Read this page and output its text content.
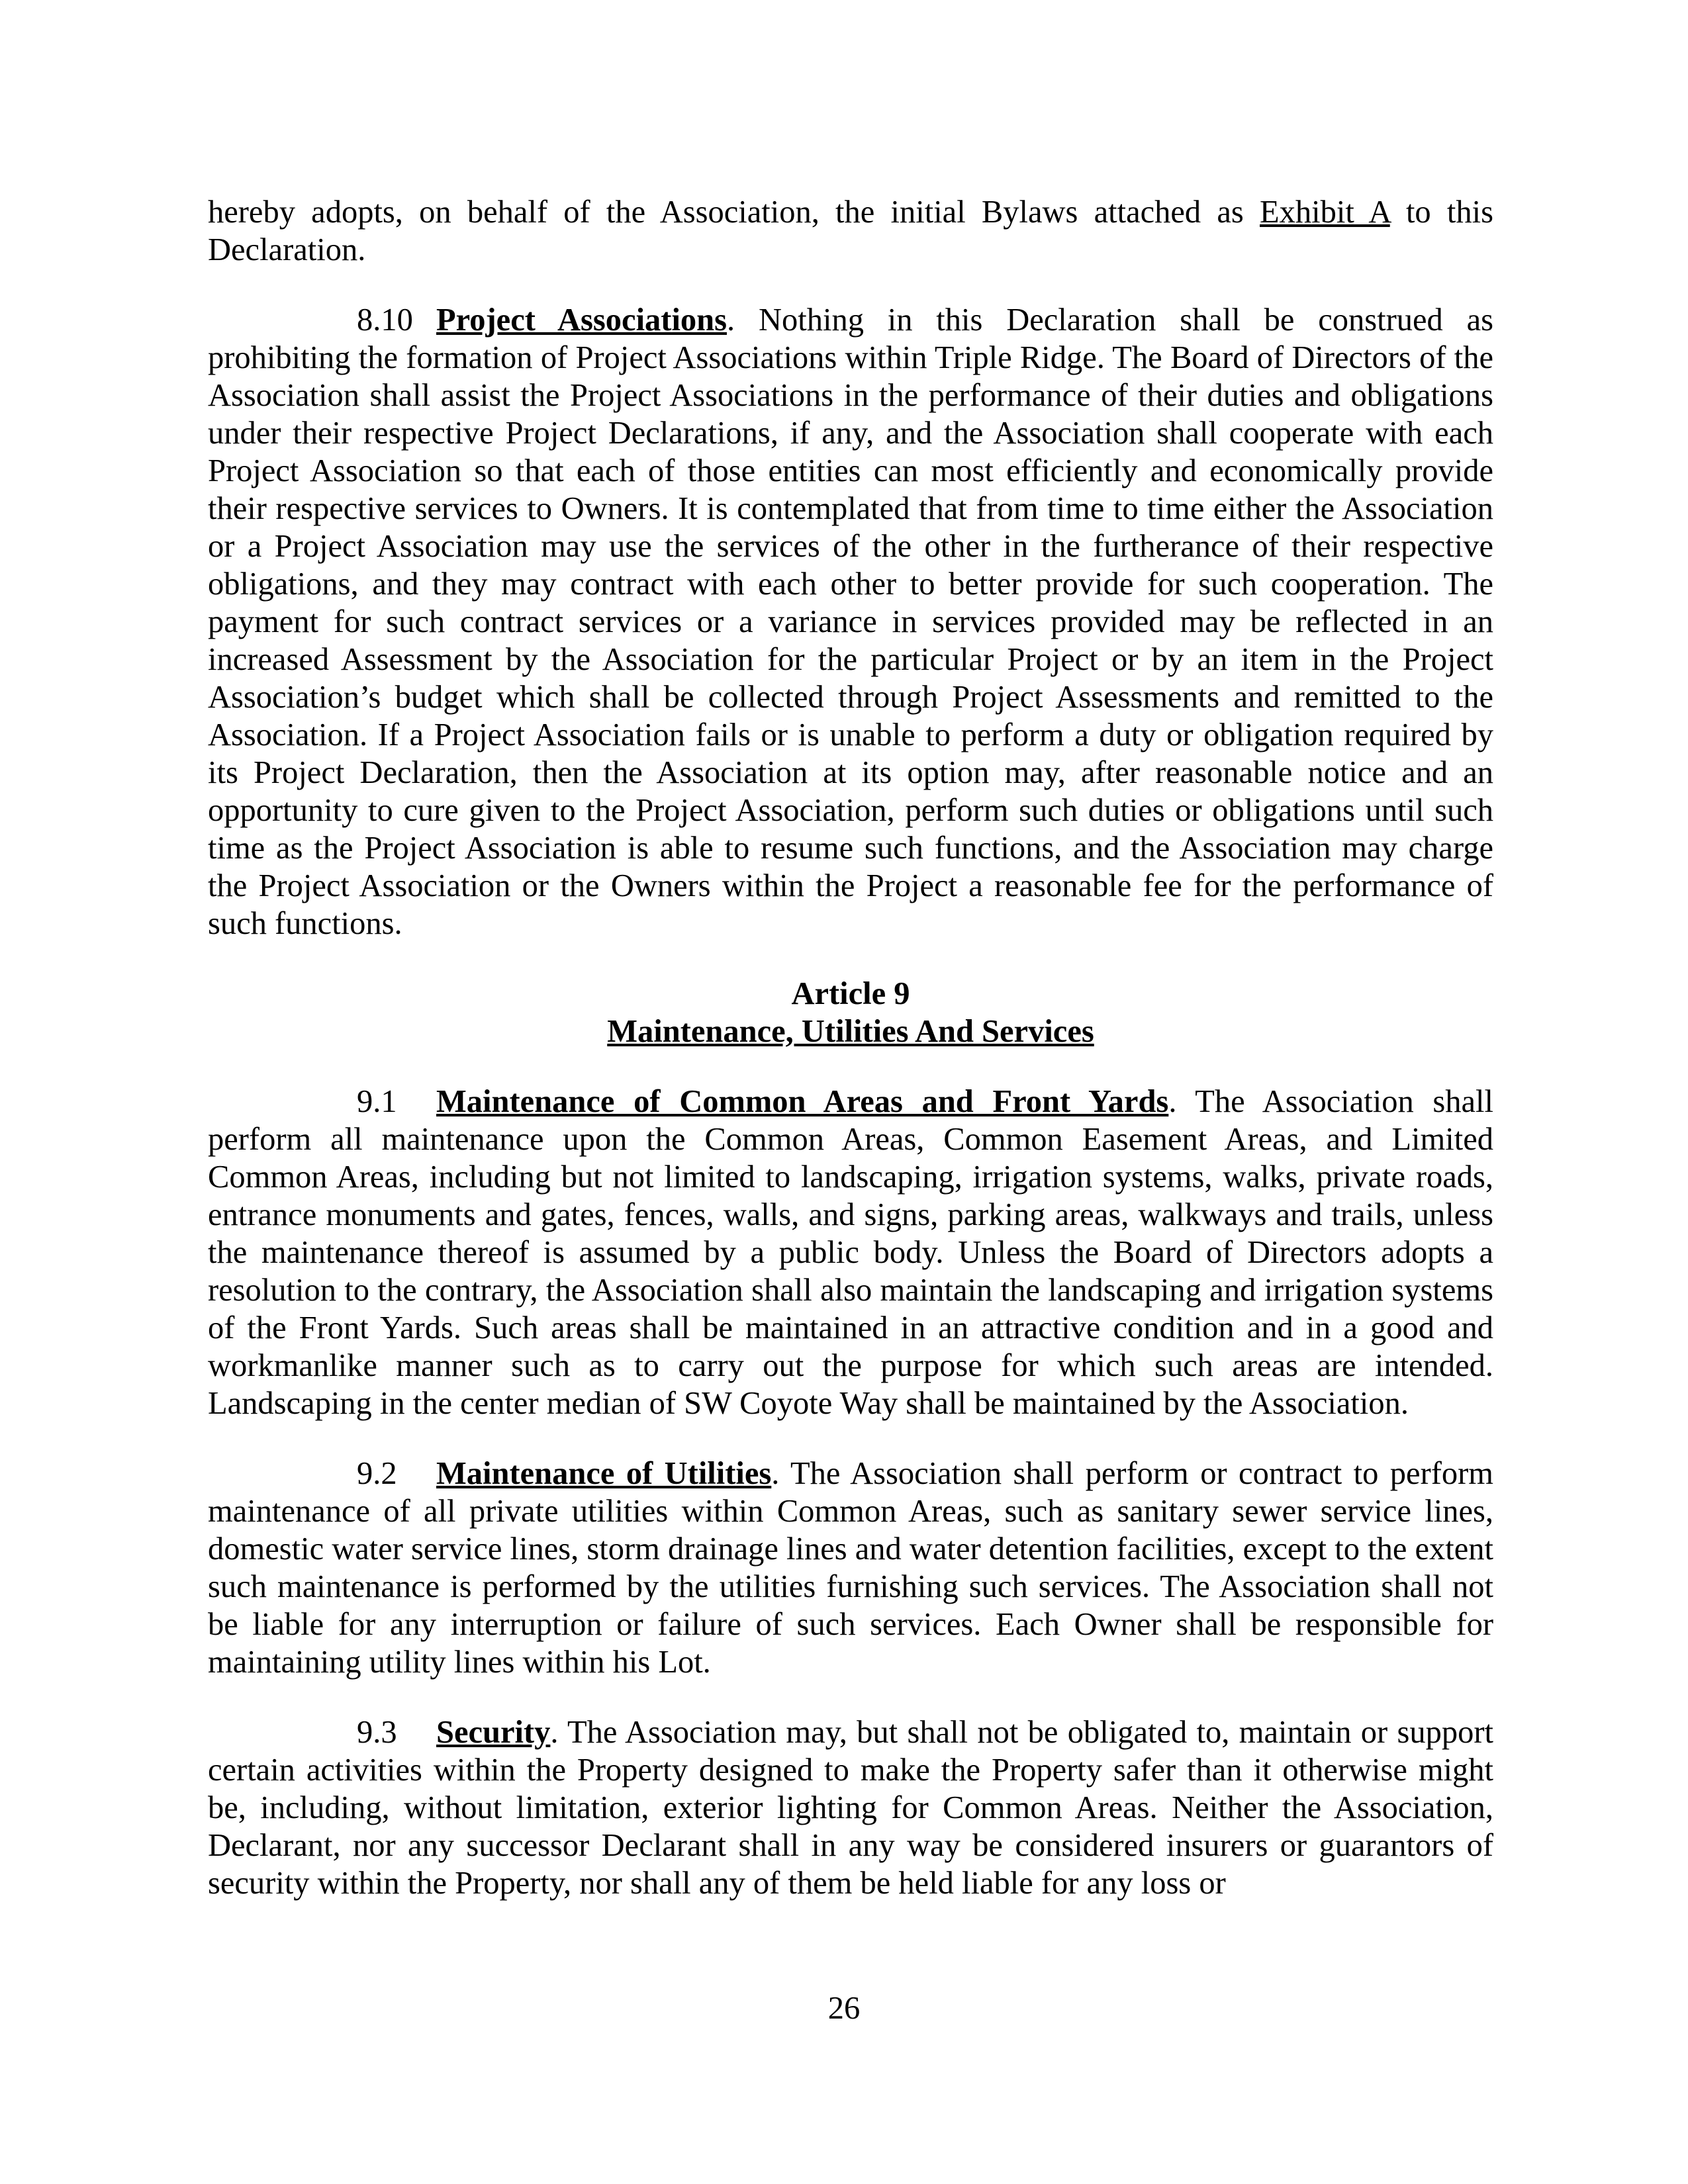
hereby adopts, on behalf of the Association, the initial Bylaws attached as Exhibit A to this Declaration.

8.10 Project Associations. Nothing in this Declaration shall be construed as prohibiting the formation of Project Associations within Triple Ridge. The Board of Directors of the Association shall assist the Project Associations in the performance of their duties and obligations under their respective Project Declarations, if any, and the Association shall cooperate with each Project Association so that each of those entities can most efficiently and economically provide their respective services to Owners. It is contemplated that from time to time either the Association or a Project Association may use the services of the other in the furtherance of their respective obligations, and they may contract with each other to better provide for such cooperation. The payment for such contract services or a variance in services provided may be reflected in an increased Assessment by the Association for the particular Project or by an item in the Project Association’s budget which shall be collected through Project Assessments and remitted to the Association. If a Project Association fails or is unable to perform a duty or obligation required by its Project Declaration, then the Association at its option may, after reasonable notice and an opportunity to cure given to the Project Association, perform such duties or obligations until such time as the Project Association is able to resume such functions, and the Association may charge the Project Association or the Owners within the Project a reasonable fee for the performance of such functions.

Article 9
Maintenance, Utilities And Services

9.1 Maintenance of Common Areas and Front Yards. The Association shall perform all maintenance upon the Common Areas, Common Easement Areas, and Limited Common Areas, including but not limited to landscaping, irrigation systems, walks, private roads, entrance monuments and gates, fences, walls, and signs, parking areas, walkways and trails, unless the maintenance thereof is assumed by a public body. Unless the Board of Directors adopts a resolution to the contrary, the Association shall also maintain the landscaping and irrigation systems of the Front Yards. Such areas shall be maintained in an attractive condition and in a good and workmanlike manner such as to carry out the purpose for which such areas are intended. Landscaping in the center median of SW Coyote Way shall be maintained by the Association.

9.2 Maintenance of Utilities. The Association shall perform or contract to perform maintenance of all private utilities within Common Areas, such as sanitary sewer service lines, domestic water service lines, storm drainage lines and water detention facilities, except to the extent such maintenance is performed by the utilities furnishing such services. The Association shall not be liable for any interruption or failure of such services. Each Owner shall be responsible for maintaining utility lines within his Lot.

9.3 Security. The Association may, but shall not be obligated to, maintain or support certain activities within the Property designed to make the Property safer than it otherwise might be, including, without limitation, exterior lighting for Common Areas. Neither the Association, Declarant, nor any successor Declarant shall in any way be considered insurers or guarantors of security within the Property, nor shall any of them be held liable for any loss or

26
